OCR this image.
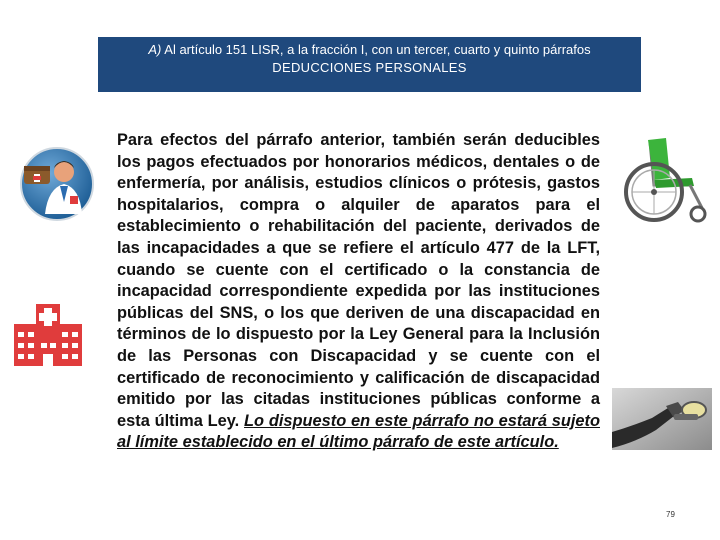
A) Al artículo 151 LISR, a la fracción I, con un tercer, cuarto y quinto párrafos
DEDUCCIONES PERSONALES
Para efectos del párrafo anterior, también serán deducibles los pagos efectuados por honorarios médicos, dentales o de enfermería, por análisis, estudios clínicos o prótesis, gastos hospitalarios, compra o alquiler de aparatos para el establecimiento o rehabilitación del paciente, derivados de las incapacidades a que se refiere el artículo 477 de la LFT, cuando se cuente con el certificado o la constancia de incapacidad correspondiente expedida por las instituciones públicas del SNS, o los que deriven de una discapacidad en términos de lo dispuesto por la Ley General para la Inclusión de las Personas con Discapacidad y se cuente con el certificado de reconocimiento y calificación de discapacidad emitido por las citadas instituciones públicas conforme a esta última Ley. Lo dispuesto en este párrafo no estará sujeto al límite establecido en el último párrafo de este artículo.
79
